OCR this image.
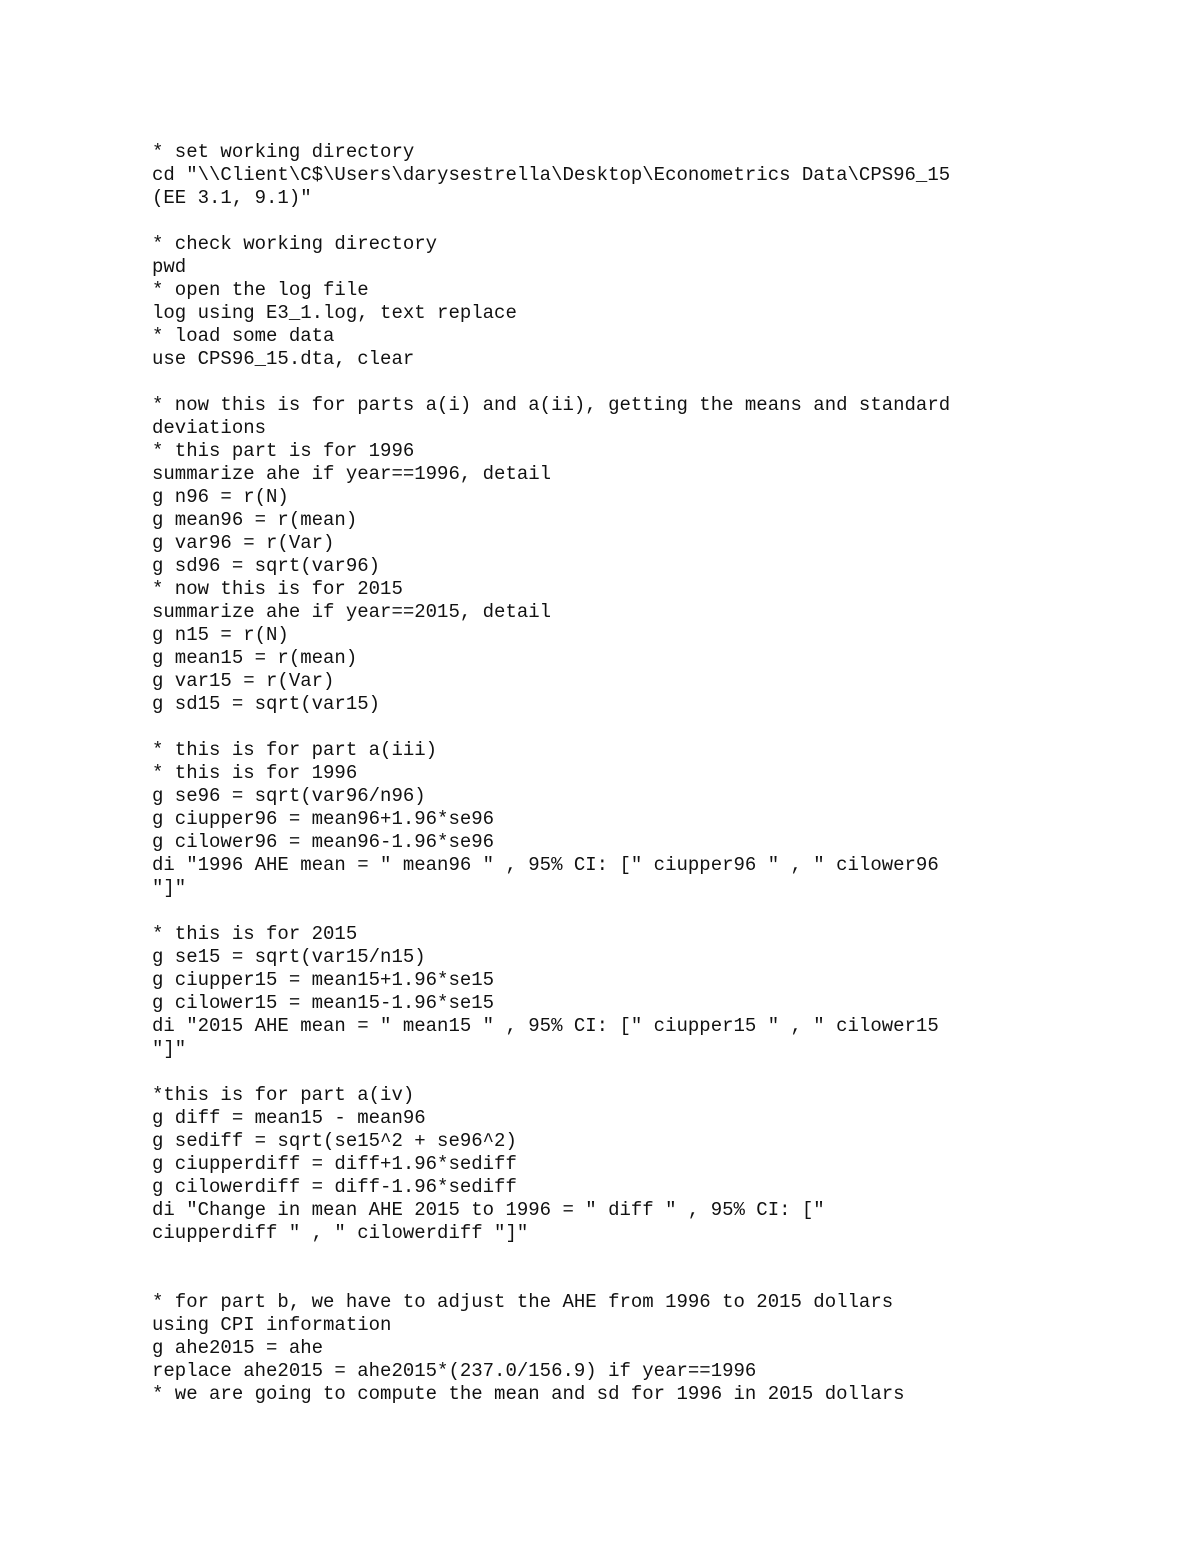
* set working directory
cd "\\Client\C$\Users\darysestrella\Desktop\Econometrics Data\CPS96_15
(EE 3.1, 9.1)"
* check working directory
pwd
* open the log file
log using E3_1.log, text replace
* load some data
use CPS96_15.dta, clear
* now this is for parts a(i) and a(ii), getting the means and standard
deviations
* this part is for 1996
summarize ahe if year==1996, detail
g n96 = r(N)
g mean96 = r(mean)
g var96 = r(Var)
g sd96 = sqrt(var96)
* now this is for 2015
summarize ahe if year==2015, detail
g n15 = r(N)
g mean15 = r(mean)
g var15 = r(Var)
g sd15 = sqrt(var15)
* this is for part a(iii)
* this is for 1996
g se96 = sqrt(var96/n96)
g ciupper96 = mean96+1.96*se96
g cilower96 = mean96-1.96*se96
di "1996 AHE mean = " mean96 " , 95% CI: [" ciupper96 " , " cilower96
"]"
* this is for 2015
g se15 = sqrt(var15/n15)
g ciupper15 = mean15+1.96*se15
g cilower15 = mean15-1.96*se15
di "2015 AHE mean = " mean15 " , 95% CI: [" ciupper15 " , " cilower15
"]"
*this is for part a(iv)
g diff = mean15 - mean96
g sediff = sqrt(se15^2 + se96^2)
g ciupperdiff = diff+1.96*sediff
g cilowerdiff = diff-1.96*sediff
di "Change in mean AHE 2015 to 1996 = " diff " , 95% CI: ["
ciupperdiff " , " cilowerdiff "]"
* for part b, we have to adjust the AHE from 1996 to 2015 dollars
using CPI information
g ahe2015 = ahe
replace ahe2015 = ahe2015*(237.0/156.9) if year==1996
* we are going to compute the mean and sd for 1996 in 2015 dollars
